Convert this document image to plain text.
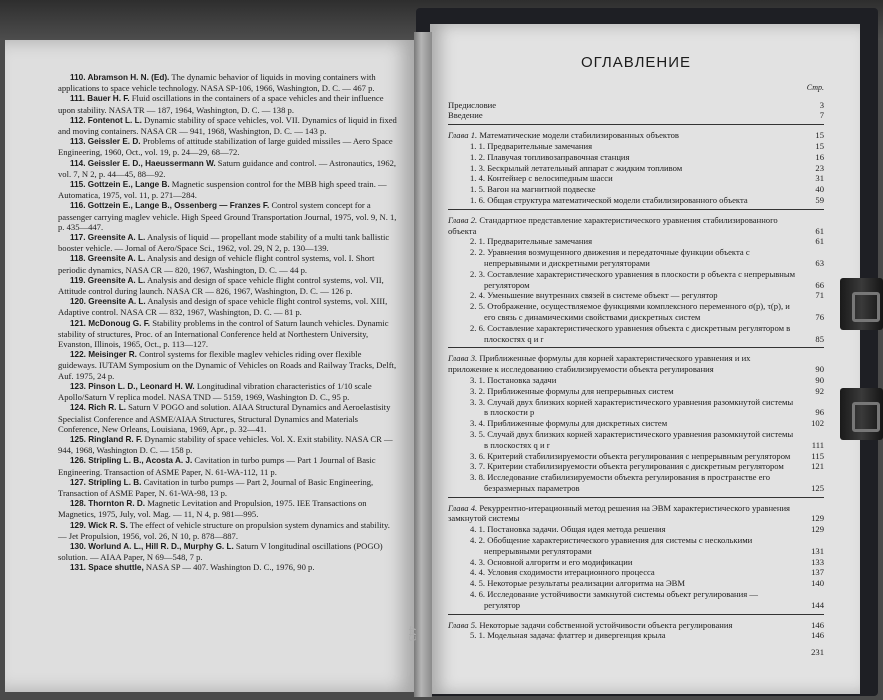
443

110. Abramson H. N. (Ed). The dynamic behavior of liquids in moving containers with applications to space vehicle technology. NASA SP-106, 1966, Washington, D. C. — 467 p.

111. Bauer H. F. Fluid oscillations in the containers of a space vehicles and their influence upon stability. NASA TR — 187, 1964, Washington, D. C. — 138 p.

112. Fontenot L. L. Dynamic stability of space vehicles, vol. VII. Dynamics of liquid in fixed and moving containers. NASA CR — 941, 1968, Washington, D. C. — 143 p.

113. Geissler E. D. Problems of attitude stabilization of large guided missiles — Aero Space Engineering, 1960, Oct., vol. 19, p. 24—29, 68—72.

114. Geissler E. D., Haeussermann W. Saturn guidance and control. — Astronautics, 1962, vol. 7, N 2, p. 44—45, 88—92.

115. Gottzein E., Lange B. Magnetic suspension control for the MBB high speed train. — Automatica, 1975, vol. 11, p. 271—284.

116. Gottzein E., Lange B., Ossenberg — Franzes F. Control system concept for a passenger carrying maglev vehicle. High Speed Ground Transportation Journal, 1975, vol. 9, N. 1, p. 435—447.

117. Greensite A. L. Analysis of liquid — propellant mode stability of a multi tank ballistic booster vehicle. — Jornal of Aero/Space Sci., 1962, vol. 29, N 2, p. 130—139.

118. Greensite A. L. Analysis and design of vehicle flight control systems, vol. I. Short periodic dynamics, NASA CR — 820, 1967, Washington, D. C. — 44 p.

119. Greensite A. L. Analysis and design of space vehicle flight control systems, vol. VII, Attitude control during launch. NASA CR — 826, 1967, Washington, D. C. — 126 p.

120. Greensite A. L. Analysis and design of space vehicle flight control systems, vol. XIII, Adaptive control. NASA CR — 832, 1967, Washington, D. C. — 81 p.

121. McDonoug G. F. Stability problems in the control of Saturn launch vehicles. Dynamic stability of structures, Proc. of an International Conference held at Northestern University, Evanston, Illinois, 1965, Oct., p. 113—127.

122. Meisinger R. Control systems for flexible maglev vehicles riding over flexible guideways. IUTAM Symposium on the Dynamic of Vehicles on Roads and Railway Tracks, Delft, Auf. 1975, 24 p.

123. Pinson L. D., Leonard H. W. Longitudinal vibration characteristics of 1/10 scale Apollo/Saturn V replica model. NASA TND — 5159, 1969, Washington D. C., 95 p.

124. Rich R. L. Saturn V POGO and solution. AIAA Structural Dynamics and Aeroelastisity Specialist Conference and ASME/AIAA Structures, Structural Dynamics and Materials Conference, New Orleans, Louisiana, 1969, Apr., p. 32—41.

125. Ringland R. F. Dynamic stability of space vehicles. Vol. X. Exit stability. NASA CR — 944, 1968, Washington D. C. — 158 p.

126. Stripling L. B., Acosta A. J. Cavitation in turbo pumps — Part 1 Journal of Basic Engineering. Transaction of ASME Paper, N. 61-WA-112, 11 p.

127. Stripling L. B. Cavitation in turbo pumps — Part 2, Journal of Basic Engineering, Transaction of ASME Paper, N. 61-WA-98, 13 p.

128. Thornton R. D. Magnetic Levitation and Propulsion, 1975. IEE Transactions on Magnetics, 1975, July, vol. Mag. — 11, N 4, p. 981—995.

129. Wick R. S. The effect of vehicle structure on propulsion system dynamics and stability. — Jet Propulsion, 1956, vol. 26, N 10, p. 878—887.

130. Worlund A. L., Hill R. D., Murphy G. L. Saturn V longitudinal oscillations (POGO) solution. — AIAA Paper, N 69—548, 7 p.

131. Space shuttle, NASA SP — 407. Washington D. C., 1976, 90 p.

ОГЛАВЛЕНИЕ
Стр.
Предисловие	3
Введение	7
Глава 1. Математические модели стабилизированных объектов	15
1. 1. Предварительные замечания	15
1. 2. Плавучая топливозаправочная станция	16
1. 3. Бескрылый летательный аппарат с жидким топливом	23
1. 4. Контейнер с велосипедным шасси	31
1. 5. Вагон на магнитной подвеске	40
1. 6. Общая структура математической модели стабилизированного объекта	59
Глава 2. Стандартное представление характеристического уравнения стабилизированного объекта	61
2. 1. Предварительные замечания	61
2. 2. Уравнения возмущенного движения и передаточные функции объекта с непрерывными и дискретными регуляторами	63
2. 3. Составление характеристического уравнения в плоскости p объекта с непрерывным регулятором	66
2. 4. Уменьшение внутренних связей в системе объект — регулятор	71
2. 5. Отображение, осуществляемое функциями комплексного переменного σ(p), τ(p), и его связь с динамическими свойствами дискретных систем	76
2. 6. Составление характеристического уравнения объекта с дискретным регулятором в плоскостях q и r	85
Глава 3. Приближенные формулы для корней характеристического уравнения и их приложение к исследованию стабилизируемости объекта регулирования	90
3. 1. Постановка задачи	90
3. 2. Приближенные формулы для непрерывных систем	92
3. 3. Случай двух близких корней характеристического уравнения разомкнутой системы в плоскости p	96
3. 4. Приближенные формулы для дискретных систем	102
3. 5. Случай двух близких корней характеристического уравнения разомкнутой системы в плоскостях q и r	111
3. 6. Критерий стабилизируемости объекта регулирования с непрерывным регулятором	115
3. 7. Критерии стабилизируемости объекта регулирования с дискретным регулятором	121
3. 8. Исследование стабилизируемости объекта регулирования в пространстве его безразмерных параметров	125
Глава 4. Рекуррентно-итерационный метод решения на ЭВМ характеристического уравнения замкнутой системы	129
4. 1. Постановка задачи. Общая идея метода решения	129
4. 2. Обобщение характеристического уравнения для системы с несколькими непрерывными регуляторами	131
4. 3. Основной алгоритм и его модификации	133
4. 4. Условия сходимости итерационного процесса	137
4. 5. Некоторые результаты реализации алгоритма на ЭВМ	140
4. 6. Исследование устойчивости замкнутой системы объект регулирования — регулятор	144
Глава 5. Некоторые задачи собственной устойчивости объекта регулирования	146
5. 1. Модельная задача: флаттер и дивергенция крыла	146
231
